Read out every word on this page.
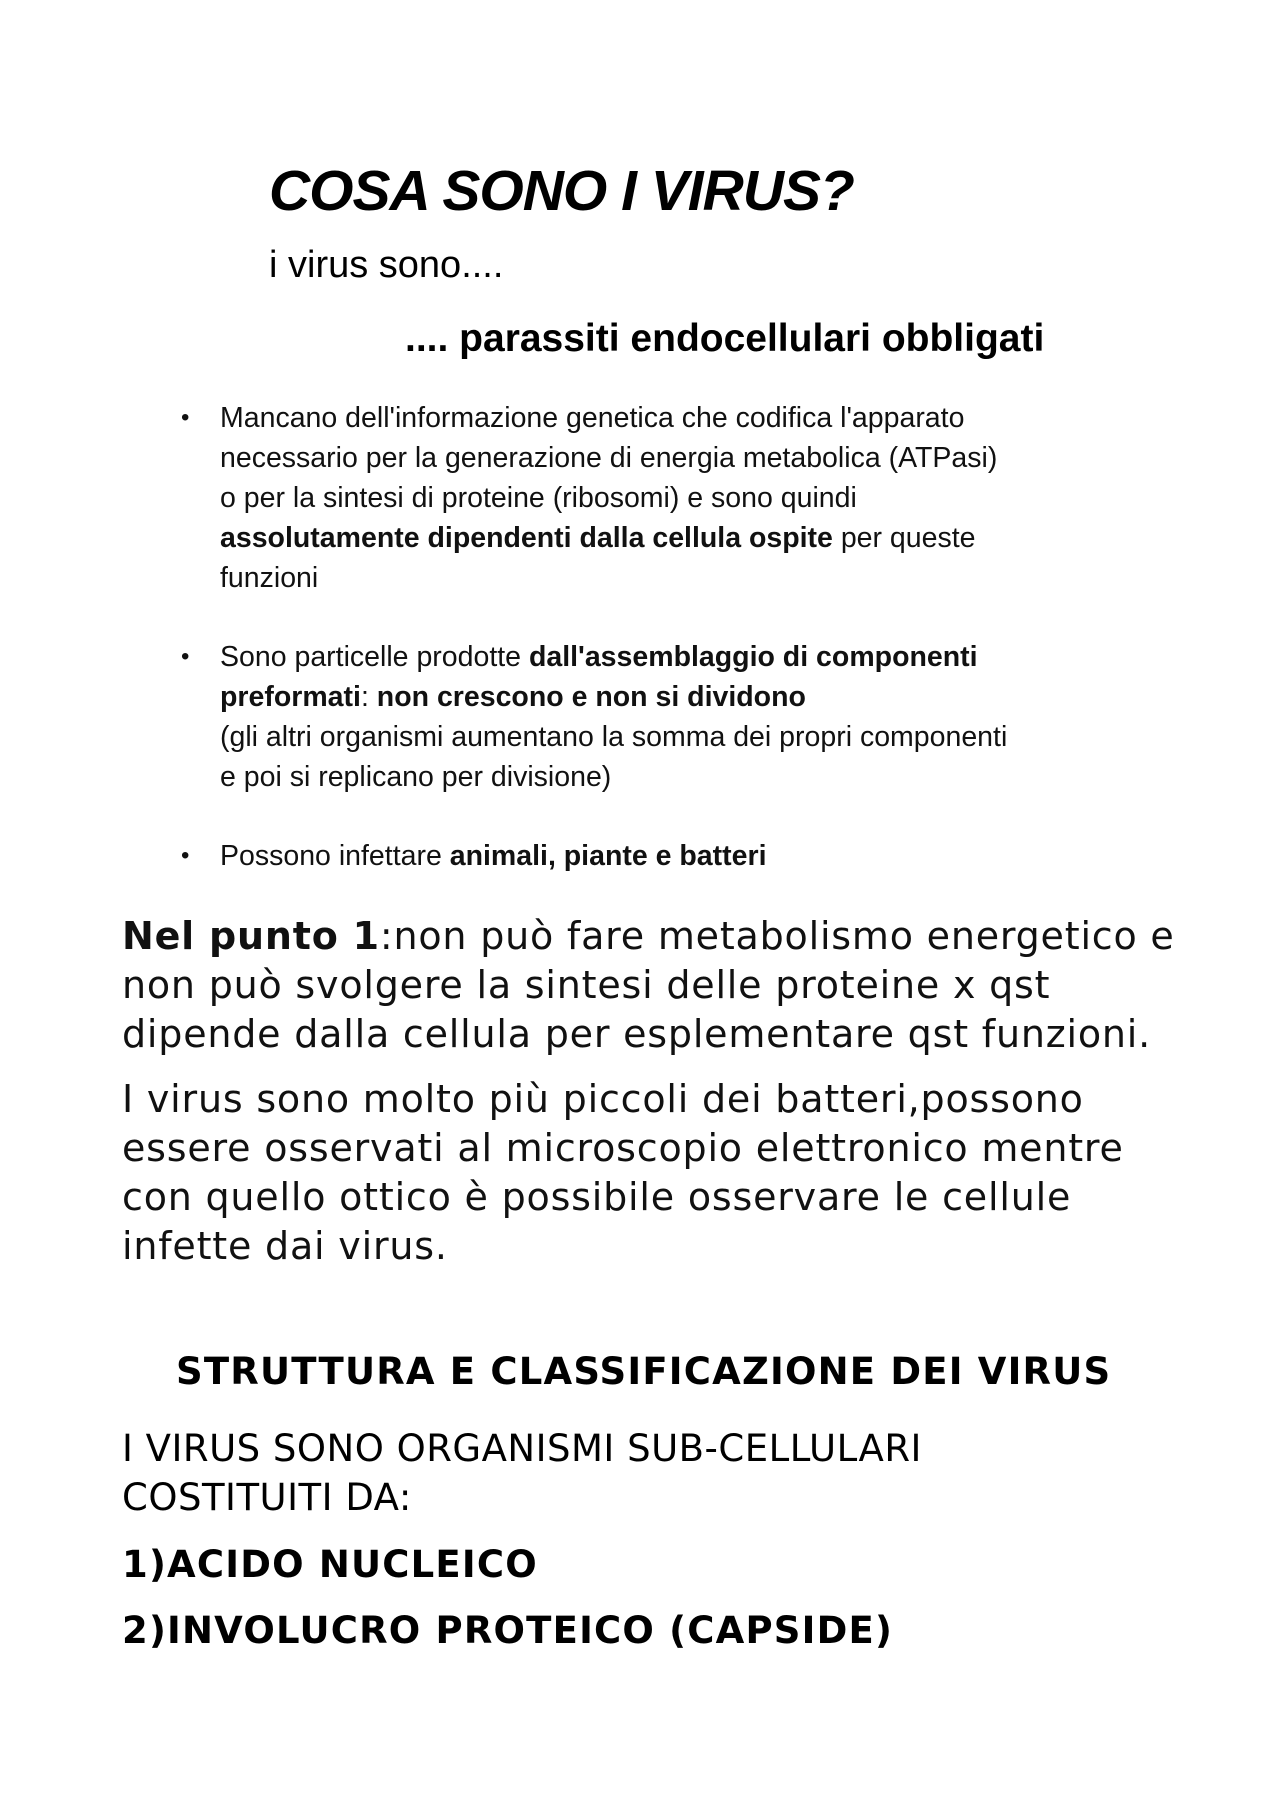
COSA SONO I VIRUS?
i virus sono....
.... parassiti endocellulari obbligati
• Mancano dell'informazione genetica che codifica l'apparato
necessario per la generazione di energia metabolica (ATPasi)
o per la sintesi di proteine (ribosomi) e sono quindi
assolutamente dipendenti dalla cellula ospite per queste
funzioni
• Sono particelle prodotte dall'assemblaggio di componenti
preformati: non crescono e non si dividono
(gli altri organismi aumentano la somma dei propri componenti
e poi si replicano per divisione)
• Possono infettare animali, piante e batteri

Nel punto 1:non può fare metabolismo energetico e non può svolgere la sintesi delle proteine x qst dipende dalla cellula per esplementare qst funzioni.

I virus sono molto più piccoli dei batteri,possono essere osservati al microscopio elettronico mentre con quello ottico è possibile osservare le cellule infette dai virus.

STRUTTURA E CLASSIFICAZIONE DEI VIRUS

I VIRUS SONO ORGANISMI SUB-CELLULARI
COSTITUITI DA:

1)ACIDO NUCLEICO
2)INVOLUCRO PROTEICO (CAPSIDE)
